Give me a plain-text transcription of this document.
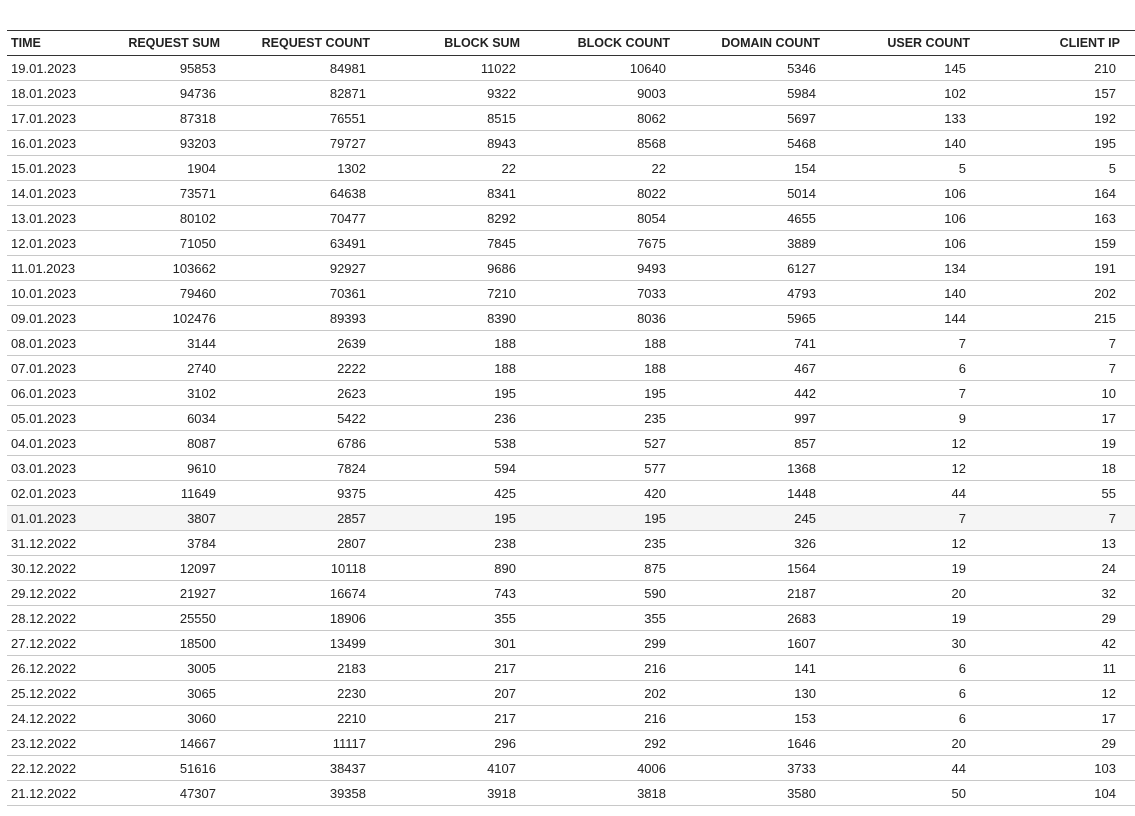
TIME	REQUEST SUM	REQUEST COUNT	BLOCK SUM	BLOCK COUNT	DOMAIN COUNT	USER COUNT	CLIENT IP
19.01.2023	95853	84981	11022	10640	5346	145	210
18.01.2023	94736	82871	9322	9003	5984	102	157
17.01.2023	87318	76551	8515	8062	5697	133	192
16.01.2023	93203	79727	8943	8568	5468	140	195
15.01.2023	1904	1302	22	22	154	5	5
14.01.2023	73571	64638	8341	8022	5014	106	164
13.01.2023	80102	70477	8292	8054	4655	106	163
12.01.2023	71050	63491	7845	7675	3889	106	159
11.01.2023	103662	92927	9686	9493	6127	134	191
10.01.2023	79460	70361	7210	7033	4793	140	202
09.01.2023	102476	89393	8390	8036	5965	144	215
08.01.2023	3144	2639	188	188	741	7	7
07.01.2023	2740	2222	188	188	467	6	7
06.01.2023	3102	2623	195	195	442	7	10
05.01.2023	6034	5422	236	235	997	9	17
04.01.2023	8087	6786	538	527	857	12	19
03.01.2023	9610	7824	594	577	1368	12	18
02.01.2023	11649	9375	425	420	1448	44	55
01.01.2023	3807	2857	195	195	245	7	7
31.12.2022	3784	2807	238	235	326	12	13
30.12.2022	12097	10118	890	875	1564	19	24
29.12.2022	21927	16674	743	590	2187	20	32
28.12.2022	25550	18906	355	355	2683	19	29
27.12.2022	18500	13499	301	299	1607	30	42
26.12.2022	3005	2183	217	216	141	6	11
25.12.2022	3065	2230	207	202	130	6	12
24.12.2022	3060	2210	217	216	153	6	17
23.12.2022	14667	11117	296	292	1646	20	29
22.12.2022	51616	38437	4107	4006	3733	44	103
21.12.2022	47307	39358	3918	3818	3580	50	104
